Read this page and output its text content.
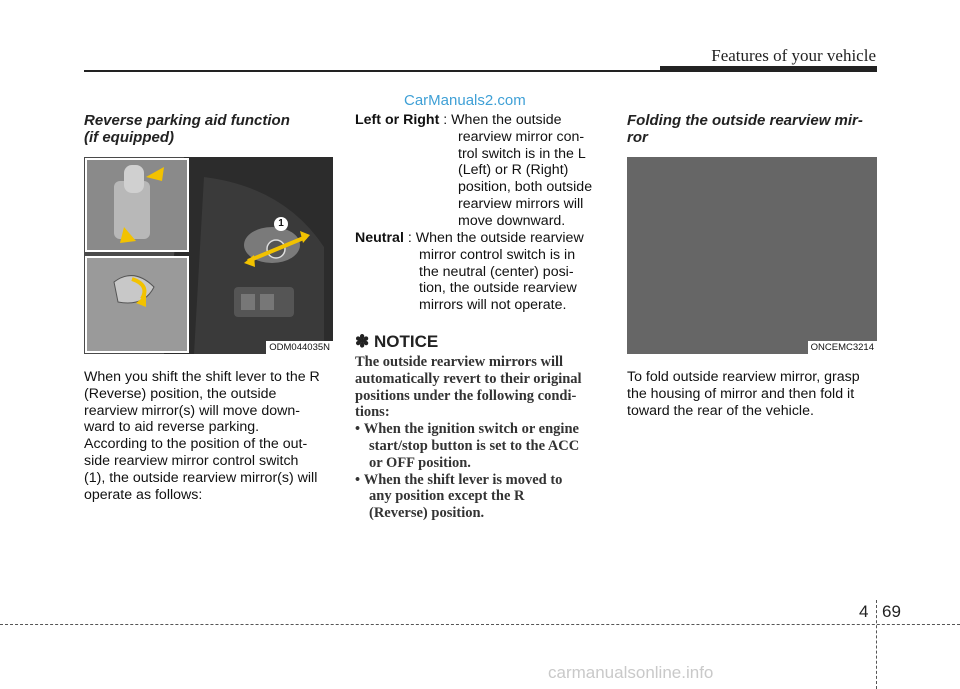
Features of your vehicle
CarManuals2.com
Reverse parking aid function
(if equipped)
1
ODM044035N
When you shift the shift lever to the R
(Reverse) position, the outside
rearview mirror(s) will move down-
ward to aid reverse parking.
According to the position of the out-
side rearview mirror control switch
(1), the outside rearview mirror(s) will
operate as follows:
Left or Right : When the outside
rearview mirror con-
trol switch is in the L
(Left) or R (Right)
position, both outside
rearview mirrors will
move downward.
Neutral : When the outside rearview
mirror control switch is in
the neutral (center) posi-
tion, the outside rearview
mirrors will not operate.
✽ NOTICE
The outside rearview mirrors will
automatically revert to their original
positions under the following condi-
tions:
• When the ignition switch or engine
start/stop button is set to the ACC
or OFF position.
• When the shift lever is moved to
any position except the R
(Reverse) position.
Folding the outside rearview mir-
ror
ONCEMC3214
To fold outside rearview mirror, grasp
the housing of mirror and then fold it
toward the rear of the vehicle.
4 69
carmanualsonline.info
